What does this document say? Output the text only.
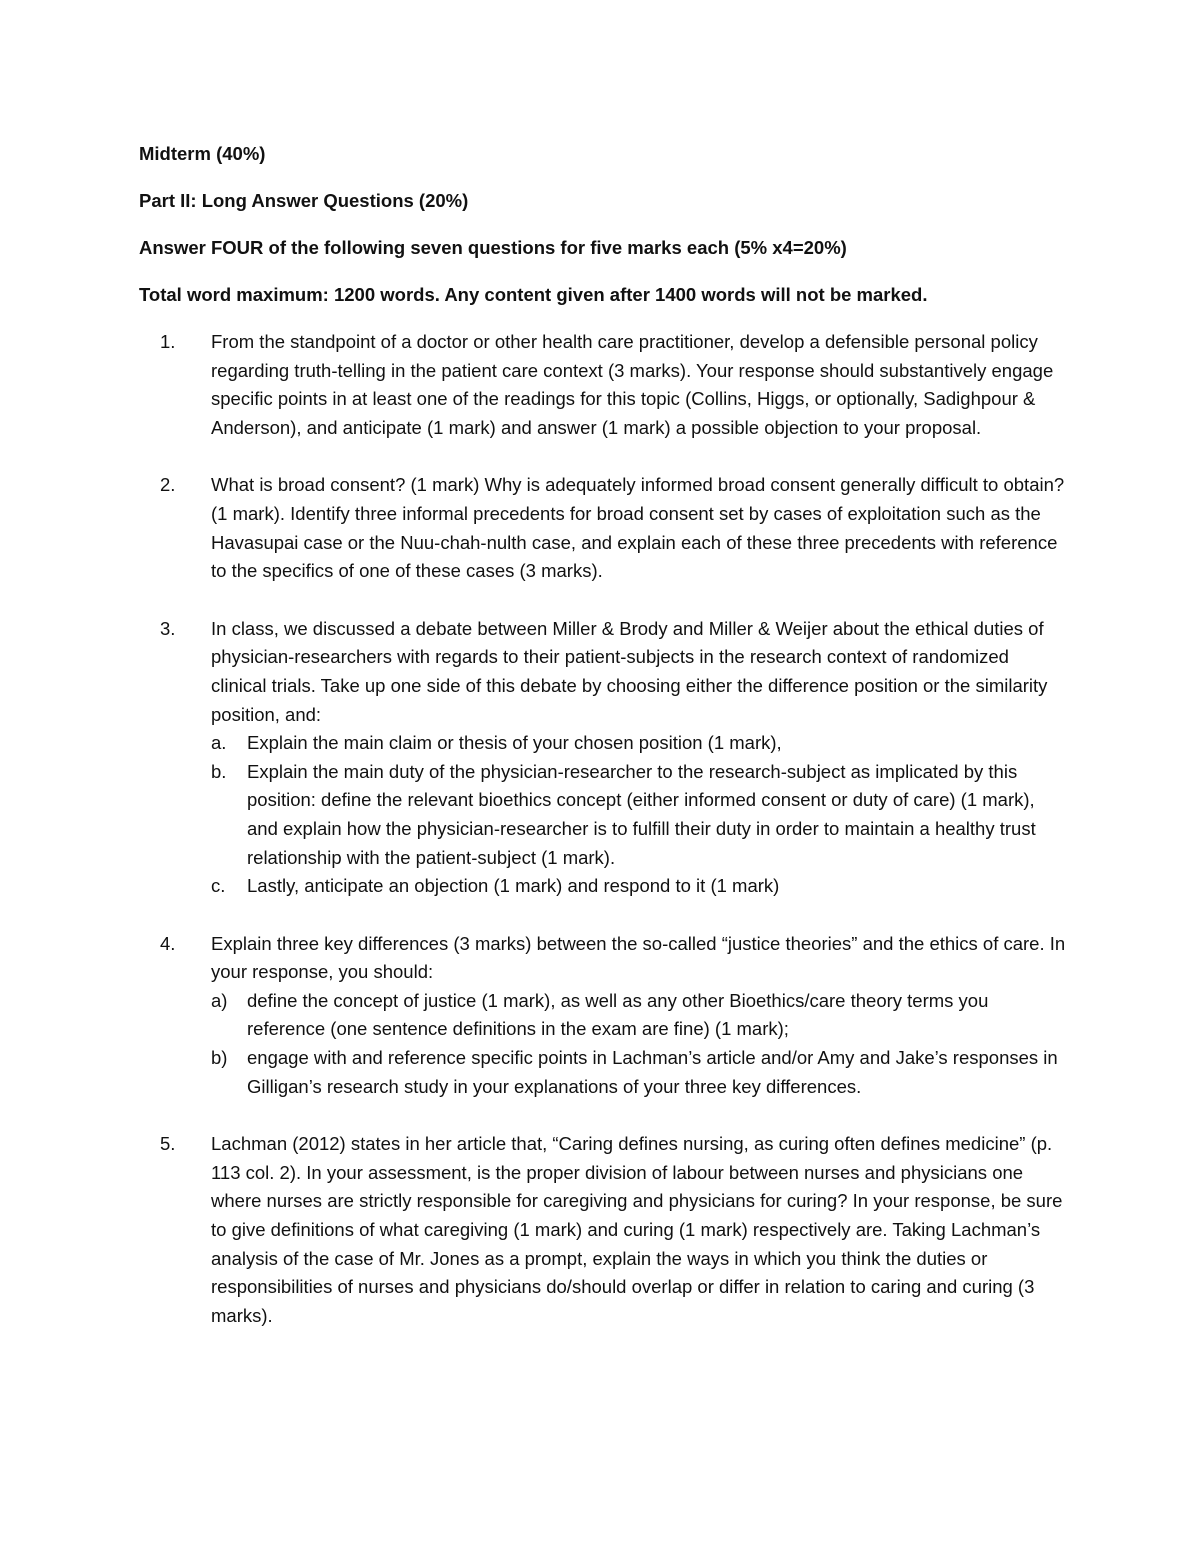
Midterm (40%)

Part II: Long Answer Questions (20%)

Answer FOUR of the following seven questions for five marks each (5% x4=20%)

Total word maximum: 1200 words. Any content given after 1400 words will not be marked.

1. From the standpoint of a doctor or other health care practitioner, develop a defensible personal policy regarding truth-telling in the patient care context (3 marks). Your response should substantively engage specific points in at least one of the readings for this topic (Collins, Higgs, or optionally, Sadighpour & Anderson), and anticipate (1 mark) and answer (1 mark) a possible objection to your proposal.
2. What is broad consent? (1 mark) Why is adequately informed broad consent generally difficult to obtain? (1 mark). Identify three informal precedents for broad consent set by cases of exploitation such as the Havasupai case or the Nuu-chah-nulth case, and explain each of these three precedents with reference to the specifics of one of these cases (3 marks).
3. In class, we discussed a debate between Miller & Brody and Miller & Weijer about the ethical duties of physician-researchers with regards to their patient-subjects in the research context of randomized clinical trials. Take up one side of this debate by choosing either the difference position or the similarity position, and:
a. Explain the main claim or thesis of your chosen position (1 mark),
b. Explain the main duty of the physician-researcher to the research-subject as implicated by this position: define the relevant bioethics concept (either informed consent or duty of care) (1 mark), and explain how the physician-researcher is to fulfill their duty in order to maintain a healthy trust relationship with the patient-subject (1 mark).
c. Lastly, anticipate an objection (1 mark) and respond to it (1 mark)
4. Explain three key differences (3 marks) between the so-called “justice theories” and the ethics of care. In your response, you should:
a) define the concept of justice (1 mark), as well as any other Bioethics/care theory terms you reference (one sentence definitions in the exam are fine) (1 mark);
b) engage with and reference specific points in Lachman’s article and/or Amy and Jake’s responses in Gilligan’s research study in your explanations of your three key differences.
5. Lachman (2012) states in her article that, “Caring defines nursing, as curing often defines medicine” (p. 113 col. 2). In your assessment, is the proper division of labour between nurses and physicians one where nurses are strictly responsible for caregiving and physicians for curing? In your response, be sure to give definitions of what caregiving (1 mark) and curing (1 mark) respectively are. Taking Lachman’s analysis of the case of Mr. Jones as a prompt, explain the ways in which you think the duties or responsibilities of nurses and physicians do/should overlap or differ in relation to caring and curing (3 marks).
